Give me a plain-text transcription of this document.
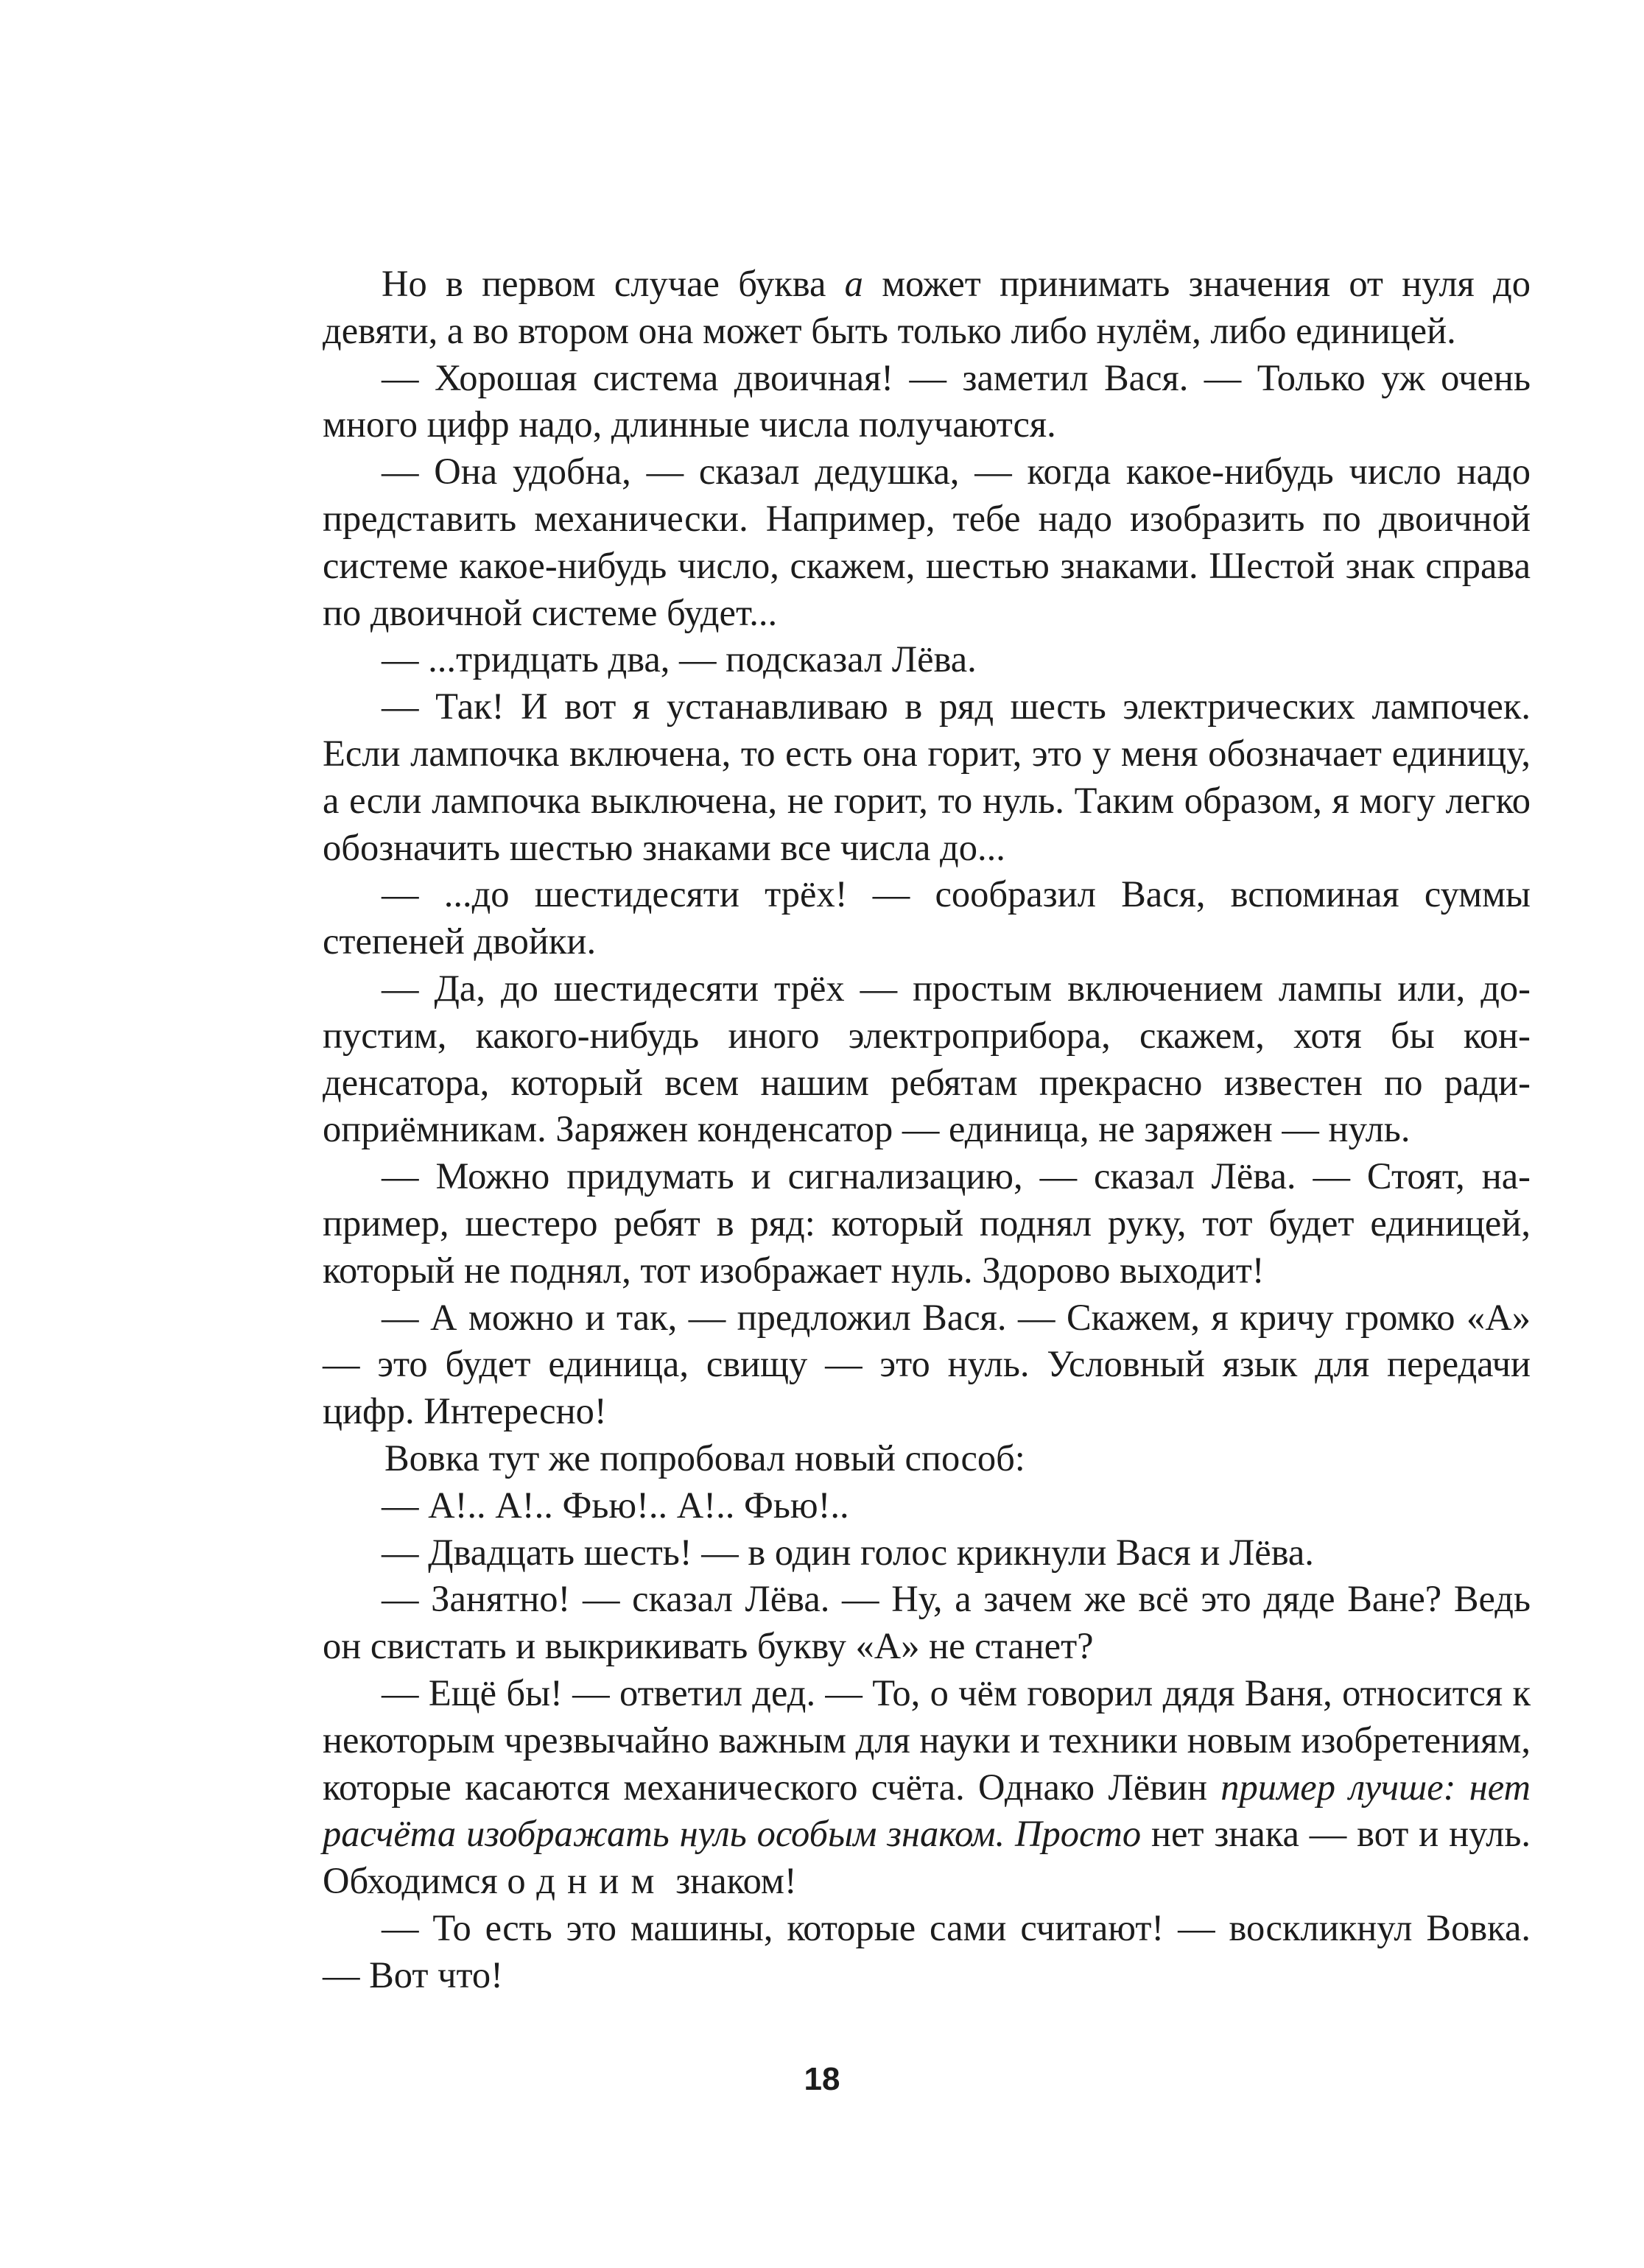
Но в первом случае буква а может принимать значения от нуля до девяти, а во втором она может быть только либо нулём, либо единицей.

— Хорошая система двоичная! — заметил Вася. — Только уж очень много цифр надо, длинные числа получаются.

— Она удобна, — сказал дедушка, — когда какое-нибудь число надо представить механически. Например, тебе надо изобразить по двоичной системе какое-нибудь число, скажем, шестью знаками. Шестой знак справа по двоичной системе будет...

— ...тридцать два, — подсказал Лёва.

— Так! И вот я устанавливаю в ряд шесть электрических лампочек. Если лампочка включена, то есть она горит, это у меня обозначает единицу, а если лампочка выключена, не горит, то нуль. Таким образом, я могу легко обозначить шестью знаками все числа до...

— ...до шестидесяти трёх! — сообразил Вася, вспоминая суммы степеней двойки.

— Да, до шестидесяти трёх — простым включением лампы или, допустим, какого-нибудь иного электроприбора, скажем, хотя бы конденсатора, который всем нашим ребятам прекрасно известен по радиоприёмникам. Заряжен конденсатор — единица, не заряжен — нуль.

— Можно придумать и сигнализацию, — сказал Лёва. — Стоят, например, шестеро ребят в ряд: который поднял руку, тот будет единицей, который не поднял, тот изображает нуль. Здорово выходит!

— А можно и так, — предложил Вася. — Скажем, я кричу громко «А» — это будет единица, свищу — это нуль. Условный язык для передачи цифр. Интересно!

Вовка тут же попробовал новый способ:

— А!.. А!.. Фью!.. А!.. Фью!..

— Двадцать шесть! — в один голос крикнули Вася и Лёва.

— Занятно! — сказал Лёва. — Ну, а зачем же всё это дяде Ване? Ведь он свистать и выкрикивать букву «А» не станет?

— Ещё бы! — ответил дед. — То, о чём говорил дядя Ваня, относится к некоторым чрезвычайно важным для науки и техники новым изобретениям, которые касаются механического счёта. Однако Лёвин пример лучше: нет расчёта изображать нуль особым знаком. Просто нет знака — вот и нуль. Обходимся одним знаком!

— То есть это машины, которые сами считают! — воскликнул Вовка. — Вот что!

18
